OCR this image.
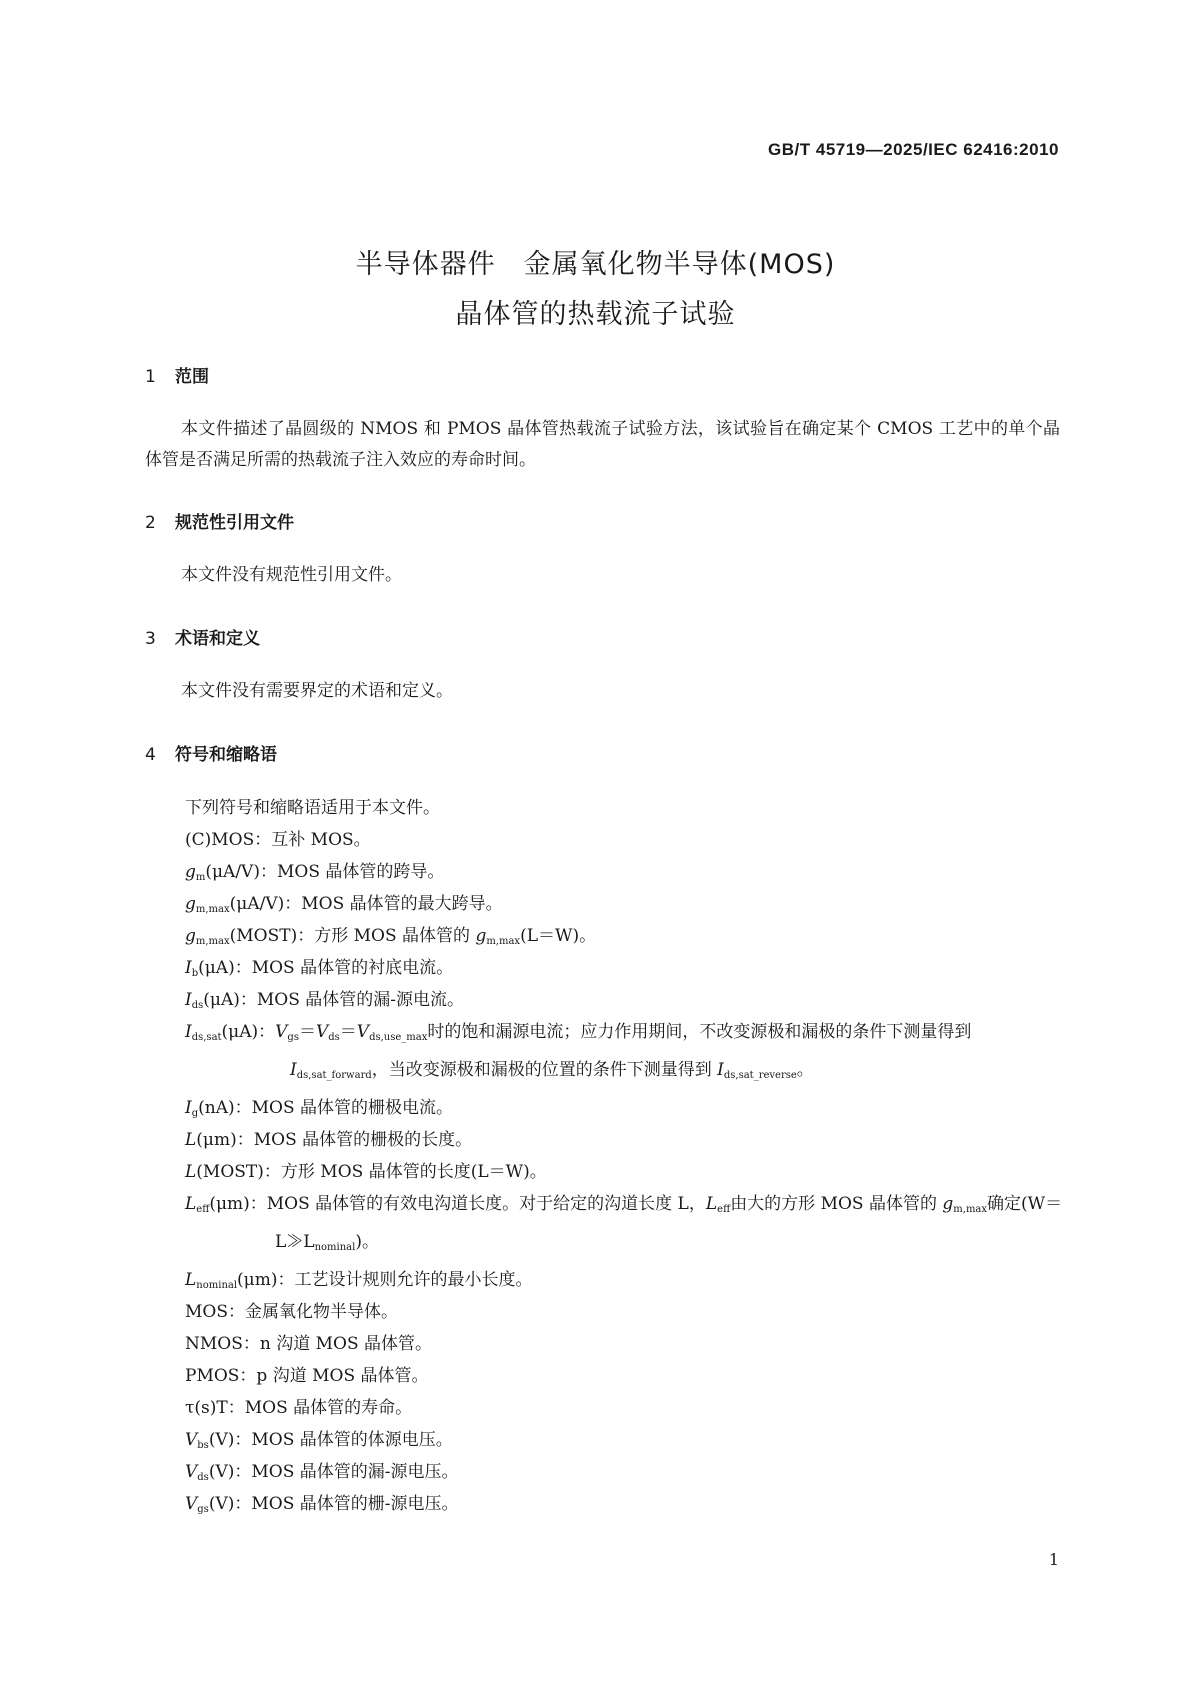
GB/T 45719—2025/IEC 62416:2010
半导体器件　金属氧化物半导体(MOS)
晶体管的热载流子试验
1 范围
本文件描述了晶圆级的 NMOS 和 PMOS 晶体管热载流子试验方法，该试验旨在确定某个 CMOS 工艺中的单个晶体管是否满足所需的热载流子注入效应的寿命时间。
2 规范性引用文件
本文件没有规范性引用文件。
3 术语和定义
本文件没有需要界定的术语和定义。
4 符号和缩略语
下列符号和缩略语适用于本文件。
(C)MOS：互补 MOS。
$g_m(\mu A/V)$：MOS 晶体管的跨导。
$g_{m,max}(\mu A/V)$：MOS 晶体管的最大跨导。
$g_{m,max}(MOST)$：方形 MOS 晶体管的 $g_{m,max}(L=W)$。
$I_b(\mu A)$：MOS 晶体管的衬底电流。
$I_{ds}(\mu A)$：MOS 晶体管的漏-源电流。
$I_{ds,sat}(\mu A)$：$V_{gs}=V_{ds}=V_{ds,use\_max}$时的饱和漏源电流；应力作用期间，不改变源极和漏极的条件下测量得到 $I_{ds,sat\_forward}$，当改变源极和漏极的位置的条件下测量得到 $I_{ds,sat\_reverse}$。
$I_g(nA)$：MOS 晶体管的栅极电流。
L(μm)：MOS 晶体管的栅极的长度。
L(MOST)：方形 MOS 晶体管的长度(L＝W)。
$L_{eff}(\mu m)$：MOS 晶体管的有效电沟道长度。对于给定的沟道长度 L，$L_{eff}$由大的方形 MOS 晶体管的 $g_{m,max}$确定$(W=L≫L_{nominal})$。
$L_{nominal}(\mu m)$：工艺设计规则允许的最小长度。
MOS：金属氧化物半导体。
NMOS：n 沟道 MOS 晶体管。
PMOS：p 沟道 MOS 晶体管。
τ(s)T：MOS 晶体管的寿命。
$V_{bs}(V)$：MOS 晶体管的体源电压。
$V_{ds}(V)$：MOS 晶体管的漏-源电压。
$V_{gs}(V)$：MOS 晶体管的栅-源电压。
1
